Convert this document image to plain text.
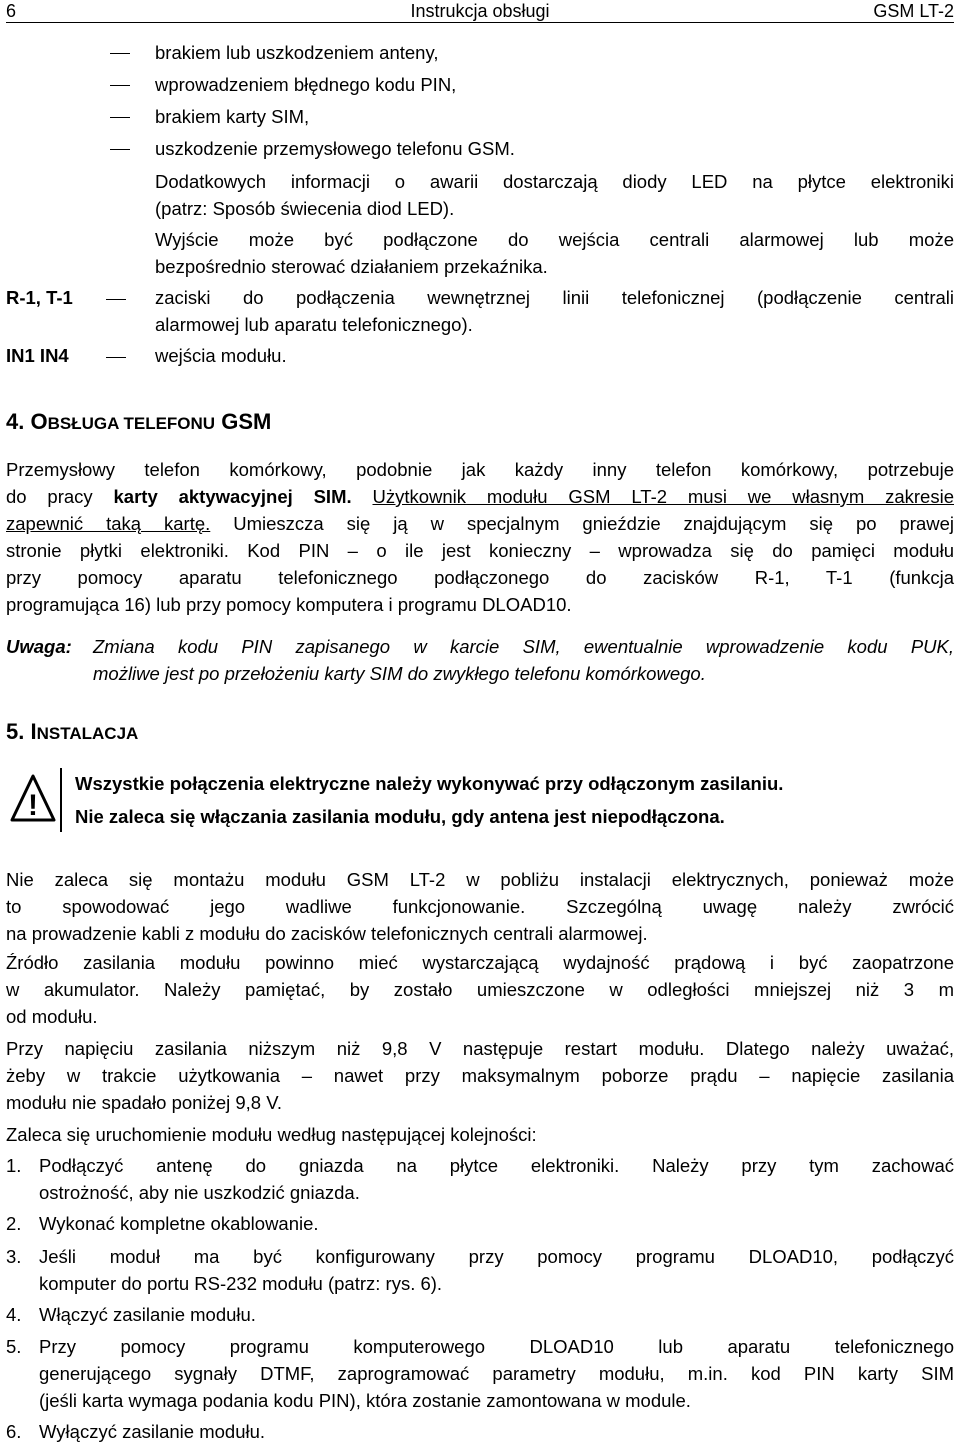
6	Instrukcja obsługi	GSM LT-2
brakiem lub uszkodzeniem anteny,
wprowadzeniem błędnego kodu PIN,
brakiem karty SIM,
uszkodzenie przemysłowego telefonu GSM.
Dodatkowych informacji o awarii dostarczają diody LED na płytce elektroniki
(patrz: Sposób świecenia diod LED).
Wyjście może być podłączone do wejścia centrali alarmowej lub może
bezpośrednio sterować działaniem przekaźnika.
R-1, T-1	zaciski do podłączenia wewnętrznej linii telefonicznej (podłączenie centrali
alarmowej lub aparatu telefonicznego).
IN1 IN4	wejścia modułu.
4. OBSŁUGA TELEFONU GSM
Przemysłowy telefon komórkowy, podobnie jak każdy inny telefon komórkowy, potrzebuje
do pracy karty aktywacyjnej SIM. Użytkownik modułu GSM LT-2 musi we własnym zakresie
zapewnić taką kartę. Umieszcza się ją w specjalnym gnieździe znajdującym się po prawej
stronie płytki elektroniki. Kod PIN – o ile jest konieczny – wprowadza się do pamięci modułu
przy pomocy aparatu telefonicznego podłączonego do zacisków R-1, T-1 (funkcja
programująca 16) lub przy pomocy komputera i programu DLOAD10.
Uwaga: Zmiana kodu PIN zapisanego w karcie SIM, ewentualnie wprowadzenie kodu PUK,
możliwe jest po przełożeniu karty SIM do zwykłego telefonu komórkowego.
5. INSTALACJA
!
Wszystkie połączenia elektryczne należy wykonywać przy odłączonym zasilaniu.
Nie zaleca się włączania zasilania modułu, gdy antena jest niepodłączona.
Nie zaleca się montażu modułu GSM LT-2 w pobliżu instalacji elektrycznych, ponieważ może
to spowodować jego wadliwe funkcjonowanie. Szczególną uwagę należy zwrócić
na prowadzenie kabli z modułu do zacisków telefonicznych centrali alarmowej.
Źródło zasilania modułu powinno mieć wystarczającą wydajność prądową i być zaopatrzone
w akumulator. Należy pamiętać, by zostało umieszczone w odległości mniejszej niż 3 m
od modułu.
Przy napięciu zasilania niższym niż 9,8 V następuje restart modułu. Dlatego należy uważać,
żeby w trakcie użytkowania – nawet przy maksymalnym poborze prądu – napięcie zasilania
modułu nie spadało poniżej 9,8 V.
Zaleca się uruchomienie modułu według następującej kolejności:
1. Podłączyć antenę do gniazda na płytce elektroniki. Należy przy tym zachować
ostrożność, aby nie uszkodzić gniazda.
2. Wykonać kompletne okablowanie.
3. Jeśli moduł ma być konfigurowany przy pomocy programu DLOAD10, podłączyć
komputer do portu RS-232 modułu (patrz: rys. 6).
4. Włączyć zasilanie modułu.
5. Przy pomocy programu komputerowego DLOAD10 lub aparatu telefonicznego
generującego sygnały DTMF, zaprogramować parametry modułu, m.in. kod PIN karty SIM
(jeśli karta wymaga podania kodu PIN), która zostanie zamontowana w module.
6. Wyłączyć zasilanie modułu.
